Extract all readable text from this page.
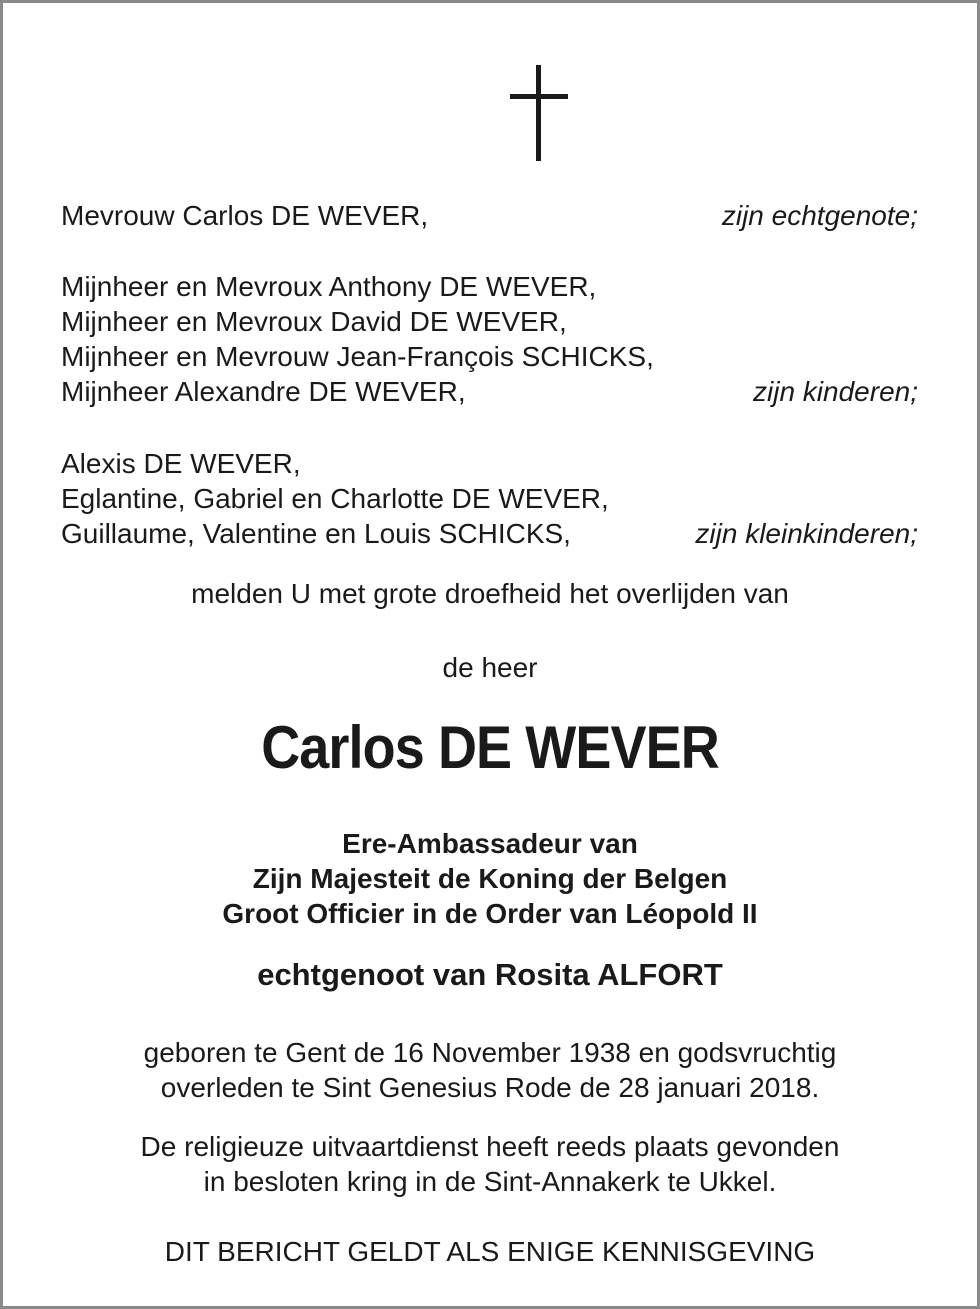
Mevrouw Carlos DE WEVER,	zijn echtgenote;
Mijnheer en Mevroux Anthony DE WEVER,
Mijnheer en Mevroux David DE WEVER,
Mijnheer en Mevrouw Jean-François SCHICKS,
Mijnheer Alexandre DE WEVER,	zijn kinderen;
Alexis DE WEVER,
Eglantine, Gabriel en Charlotte DE WEVER,
Guillaume, Valentine en Louis SCHICKS,	zijn kleinkinderen;
melden U met grote droefheid het overlijden van
de heer
Carlos DE WEVER
Ere-Ambassadeur van
Zijn Majesteit de Koning der Belgen
Groot Officier in de Order van Léopold II
echtgenoot van Rosita ALFORT
geboren te Gent de 16 November 1938 en godsvruchtig
overleden te Sint Genesius Rode de 28 januari 2018.
De religieuze uitvaartdienst heeft reeds plaats gevonden
in besloten kring in de Sint-Annakerk te Ukkel.
DIT BERICHT GELDT ALS ENIGE KENNISGEVING
